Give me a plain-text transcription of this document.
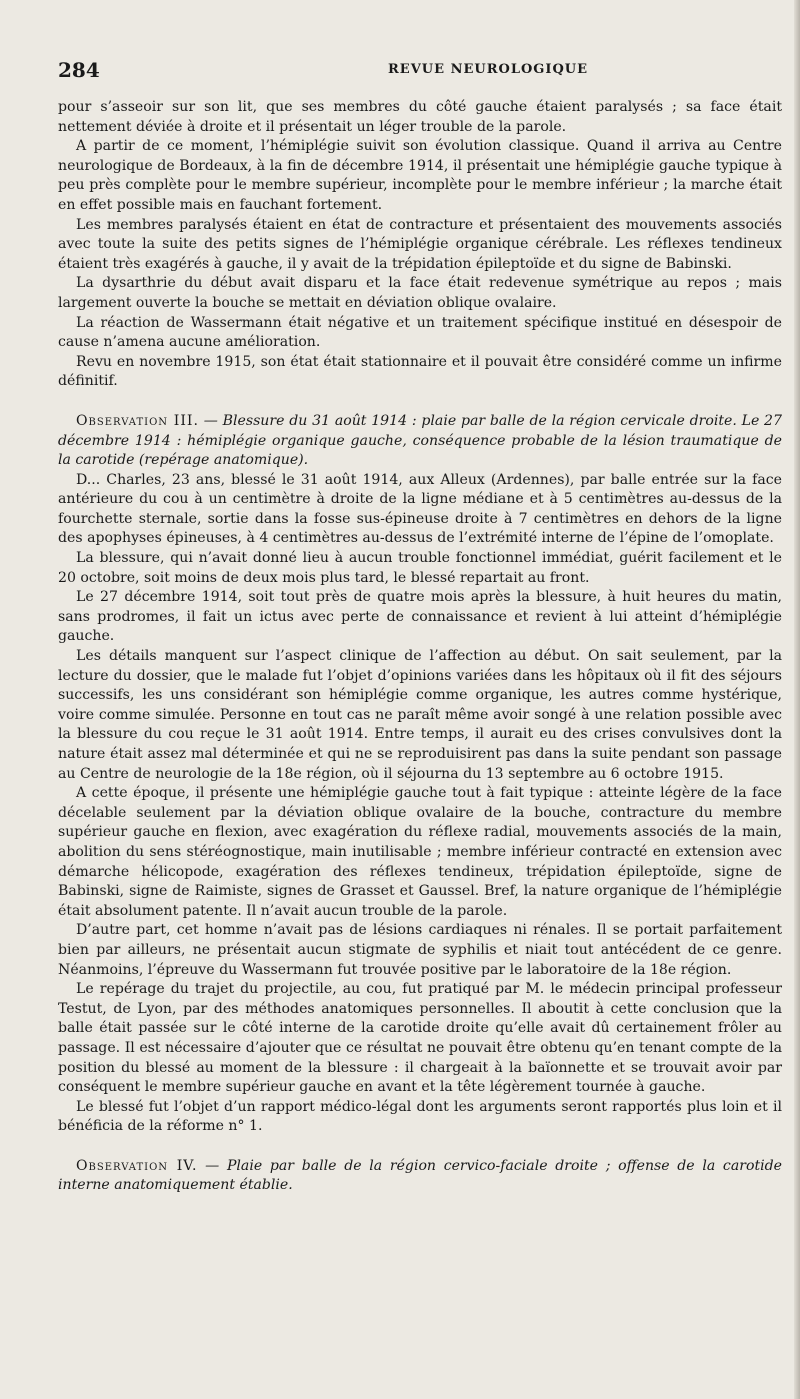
284	REVUE NEUROLOGIQUE

pour s’asseoir sur son lit, que ses membres du côté gauche étaient paralysés ; sa face était nettement déviée à droite et il présentait un léger trouble de la parole.

A partir de ce moment, l’hémiplégie suivit son évolution classique. Quand il arriva au Centre neurologique de Bordeaux, à la fin de décembre 1914, il présentait une hémiplégie gauche typique à peu près complète pour le membre supérieur, incomplète pour le membre inférieur ; la marche était en effet possible mais en fauchant fortement.

Les membres paralysés étaient en état de contracture et présentaient des mouvements associés avec toute la suite des petits signes de l’hémiplégie organique cérébrale. Les réflexes tendineux étaient très exagérés à gauche, il y avait de la trépidation épileptoïde et du signe de Babinski.

La dysarthrie du début avait disparu et la face était redevenue symétrique au repos ; mais largement ouverte la bouche se mettait en déviation oblique ovalaire.

La réaction de Wassermann était négative et un traitement spécifique institué en désespoir de cause n’amena aucune amélioration.

Revu en novembre 1915, son état était stationnaire et il pouvait être considéré comme un infirme définitif.

Observation III. — Blessure du 31 août 1914 : plaie par balle de la région cervicale droite. Le 27 décembre 1914 : hémiplégie organique gauche, conséquence probable de la lésion traumatique de la carotide (repérage anatomique).

D... Charles, 23 ans, blessé le 31 août 1914, aux Alleux (Ardennes), par balle entrée sur la face antérieure du cou à un centimètre à droite de la ligne médiane et à 5 centimètres au-dessus de la fourchette sternale, sortie dans la fosse sus-épineuse droite à 7 centimètres en dehors de la ligne des apophyses épineuses, à 4 centimètres au-dessus de l’extrémité interne de l’épine de l’omoplate.

La blessure, qui n’avait donné lieu à aucun trouble fonctionnel immédiat, guérit facilement et le 20 octobre, soit moins de deux mois plus tard, le blessé repartait au front.

Le 27 décembre 1914, soit tout près de quatre mois après la blessure, à huit heures du matin, sans prodromes, il fait un ictus avec perte de connaissance et revient à lui atteint d’hémiplégie gauche.

Les détails manquent sur l’aspect clinique de l’affection au début. On sait seulement, par la lecture du dossier, que le malade fut l’objet d’opinions variées dans les hôpitaux où il fit des séjours successifs, les uns considérant son hémiplégie comme organique, les autres comme hystérique, voire comme simulée. Personne en tout cas ne paraît même avoir songé à une relation possible avec la blessure du cou reçue le 31 août 1914. Entre temps, il aurait eu des crises convulsives dont la nature était assez mal déterminée et qui ne se reproduisirent pas dans la suite pendant son passage au Centre de neurologie de la 18e région, où il séjourna du 13 septembre au 6 octobre 1915.

A cette époque, il présente une hémiplégie gauche tout à fait typique : atteinte légère de la face décelable seulement par la déviation oblique ovalaire de la bouche, contracture du membre supérieur gauche en flexion, avec exagération du réflexe radial, mouvements associés de la main, abolition du sens stéréognostique, main inutilisable ; membre inférieur contracté en extension avec démarche hélicopode, exagération des réflexes tendineux, trépidation épileptoïde, signe de Babinski, signe de Raimiste, signes de Grasset et Gaussel. Bref, la nature organique de l’hémiplégie était absolument patente. Il n’avait aucun trouble de la parole.

D’autre part, cet homme n’avait pas de lésions cardiaques ni rénales. Il se portait parfaitement bien par ailleurs, ne présentait aucun stigmate de syphilis et niait tout antécédent de ce genre. Néanmoins, l’épreuve du Wassermann fut trouvée positive par le laboratoire de la 18e région.

Le repérage du trajet du projectile, au cou, fut pratiqué par M. le médecin principal professeur Testut, de Lyon, par des méthodes anatomiques personnelles. Il aboutit à cette conclusion que la balle était passée sur le côté interne de la carotide droite qu’elle avait dû certainement frôler au passage. Il est nécessaire d’ajouter que ce résultat ne pouvait être obtenu qu’en tenant compte de la position du blessé au moment de la blessure : il chargeait à la baïonnette et se trouvait avoir par conséquent le membre supérieur gauche en avant et la tête légèrement tournée à gauche.

Le blessé fut l’objet d’un rapport médico-légal dont les arguments seront rapportés plus loin et il bénéficia de la réforme n° 1.

Observation IV. — Plaie par balle de la région cervico-faciale droite ; offense de la carotide interne anatomiquement établie.
